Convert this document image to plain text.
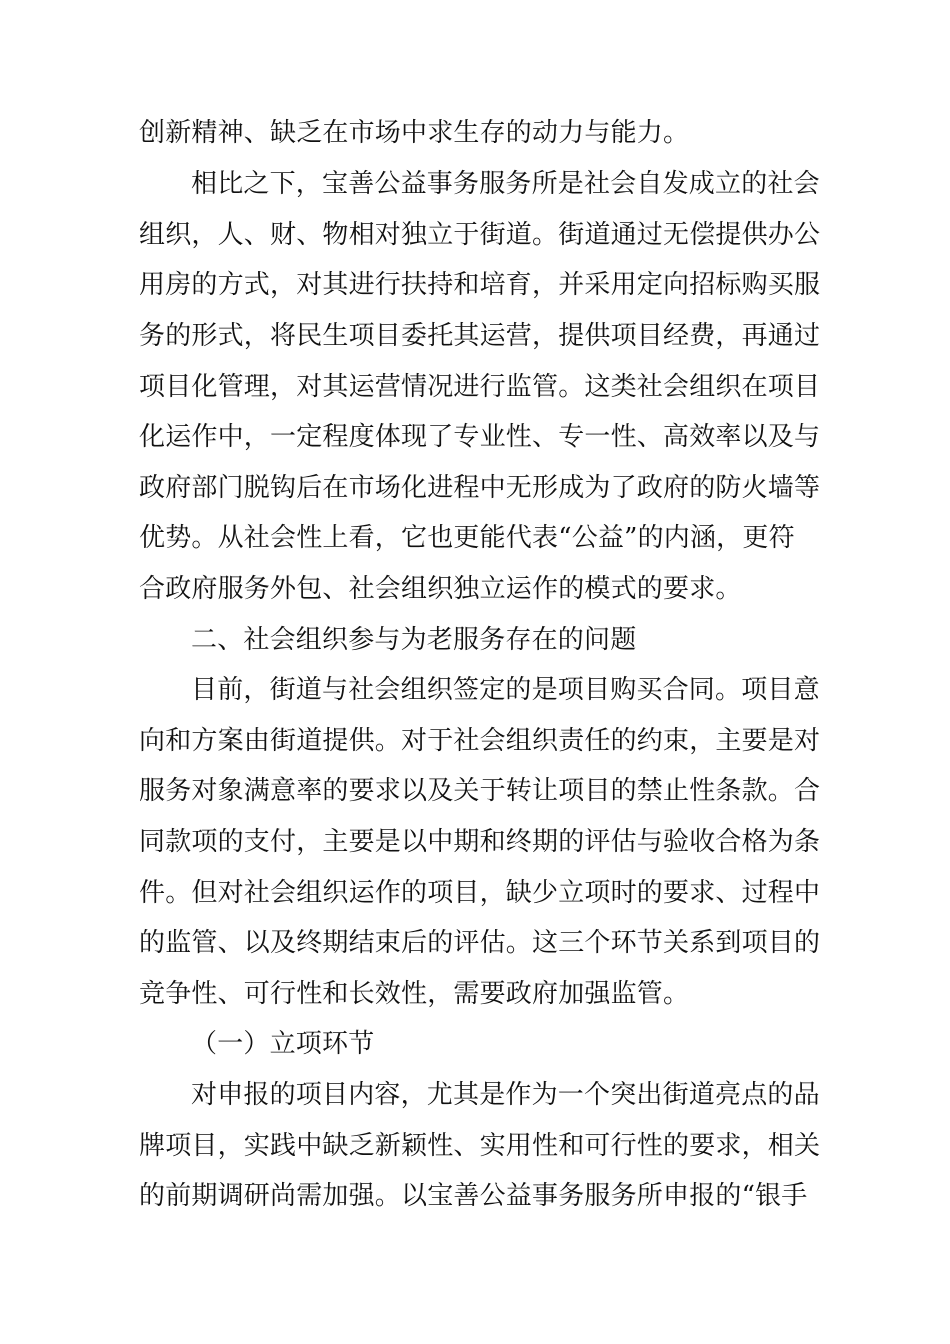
创新精神、缺乏在市场中求生存的动力与能力。
相比之下，宝善公益事务服务所是社会自发成立的社会
组织，人、财、物相对独立于街道。街道通过无偿提供办公
用房的方式，对其进行扶持和培育，并采用定向招标购买服
务的形式，将民生项目委托其运营，提供项目经费，再通过
项目化管理，对其运营情况进行监管。这类社会组织在项目
化运作中，一定程度体现了专业性、专一性、高效率以及与
政府部门脱钩后在市场化进程中无形成为了政府的防火墙等
优势。从社会性上看，它也更能代表“公益”的内涵，更符
合政府服务外包、社会组织独立运作的模式的要求。
二、社会组织参与为老服务存在的问题
目前，街道与社会组织签定的是项目购买合同。项目意
向和方案由街道提供。对于社会组织责任的约束，主要是对
服务对象满意率的要求以及关于转让项目的禁止性条款。合
同款项的支付，主要是以中期和终期的评估与验收合格为条
件。但对社会组织运作的项目，缺少立项时的要求、过程中
的监管、以及终期结束后的评估。这三个环节关系到项目的
竞争性、可行性和长效性，需要政府加强监管。
（一）立项环节
对申报的项目内容，尤其是作为一个突出街道亮点的品
牌项目，实践中缺乏新颖性、实用性和可行性的要求，相关
的前期调研尚需加强。以宝善公益事务服务所申报的“银手
